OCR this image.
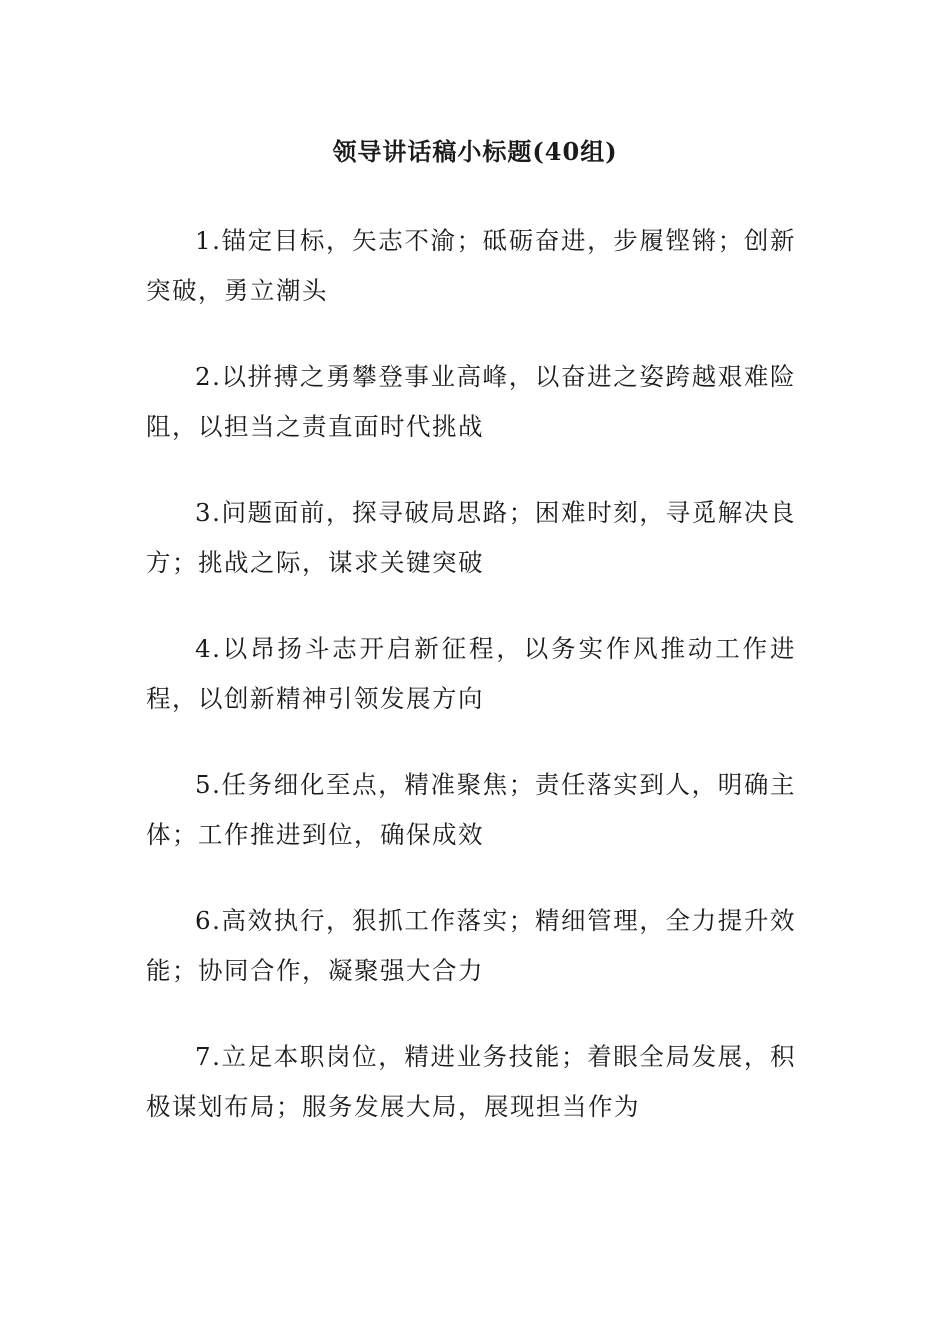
领导讲话稿小标题(40组)

1.锚定目标，矢志不渝；砥砺奋进，步履铿锵；创新突破，勇立潮头

2.以拼搏之勇攀登事业高峰，以奋进之姿跨越艰难险阻，以担当之责直面时代挑战

3.问题面前，探寻破局思路；困难时刻，寻觅解决良方；挑战之际，谋求关键突破

4.以昂扬斗志开启新征程，以务实作风推动工作进程，以创新精神引领发展方向

5.任务细化至点，精准聚焦；责任落实到人，明确主体；工作推进到位，确保成效

6.高效执行，狠抓工作落实；精细管理，全力提升效能；协同合作，凝聚强大合力

7.立足本职岗位，精进业务技能；着眼全局发展，积极谋划布局；服务发展大局，展现担当作为
